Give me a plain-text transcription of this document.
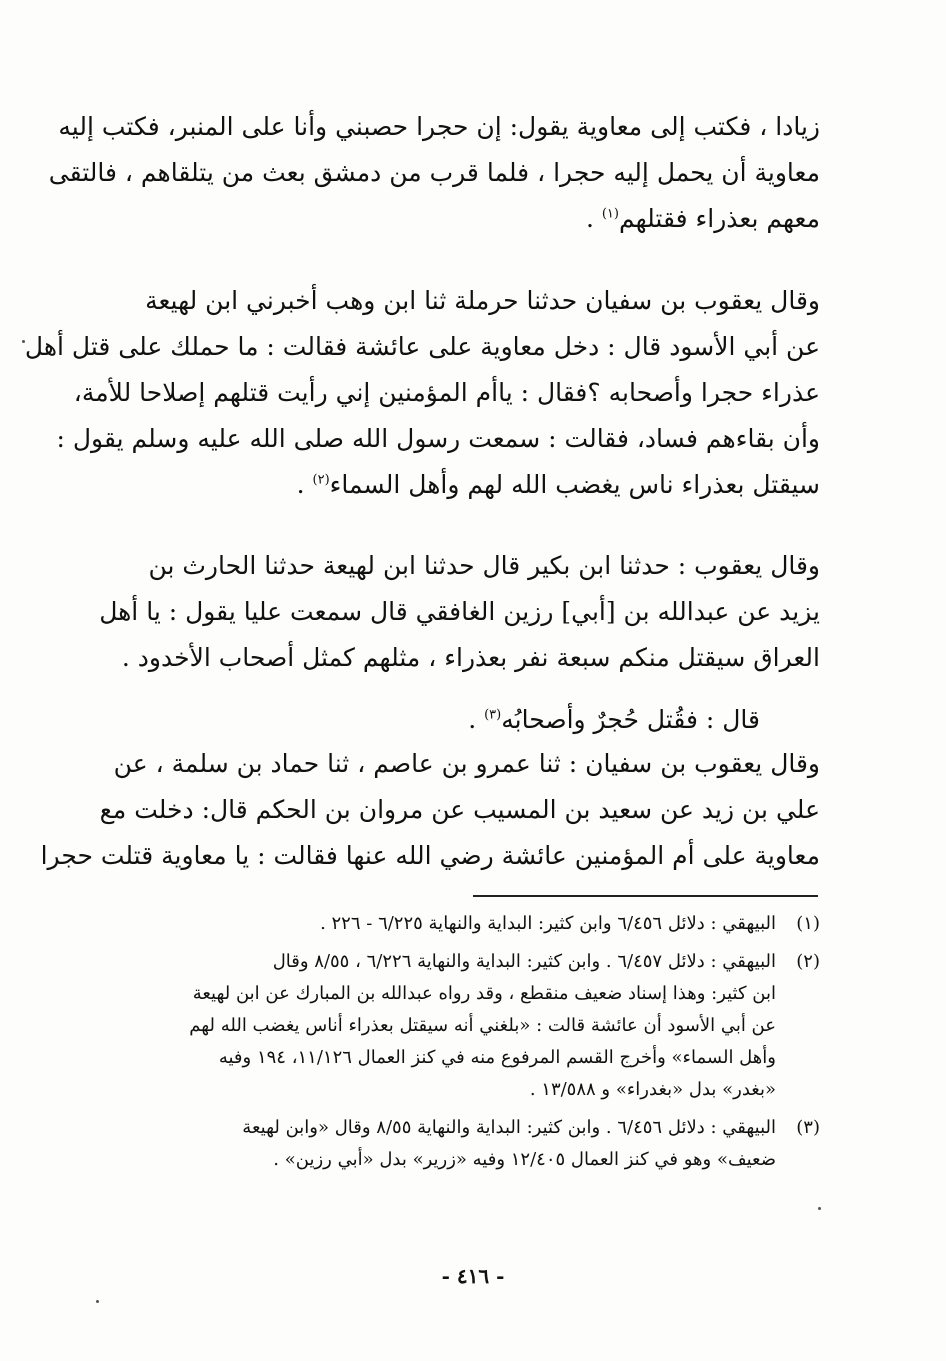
زيادا ، فكتب إلى معاوية يقول: إن حجرا حصبني وأنا على المنبر، فكتب إليه
معاوية أن يحمل إليه حجرا ، فلما قرب من دمشق بعث من يتلقاهم ، فالتقى
معهم بعذراء فقتلهم$^{(١)}$ .
وقال يعقوب بن سفيان حدثنا حرملة ثنا ابن وهب أخبرني ابن لهيعة
عن أبي الأسود قال : دخل معاوية على عائشة فقالت : ما حملك على قتل أهل
عذراء حجرا وأصحابه ؟فقال : ياأم المؤمنين إني رأيت قتلهم إصلاحا للأمة،
وأن بقاءهم فساد، فقالت : سمعت رسول الله صلى الله عليه وسلم يقول :
سيقتل بعذراء ناس يغضب الله لهم وأهل السماء$^{(٢)}$ .
وقال يعقوب : حدثنا ابن بكير قال حدثنا ابن لهيعة حدثنا الحارث بن
يزيد عن عبدالله بن [أبي] رزين الغافقي قال سمعت عليا يقول : يا أهل
العراق سيقتل منكم سبعة نفر بعذراء ، مثلهم كمثل أصحاب الأخدود .
قال : فقُتل حُجرٌ وأصحابُه$^{(٣)}$ .
وقال يعقوب بن سفيان : ثنا عمرو بن عاصم ، ثنا حماد بن سلمة ، عن
علي بن زيد عن سعيد بن المسيب عن مروان بن الحكم قال: دخلت مع
معاوية على أم المؤمنين عائشة رضي الله عنها فقالت : يا معاوية قتلت حجرا
(١)
البيهقي : دلائل ٦/٤٥٦ وابن كثير: البداية والنهاية ٦/٢٢٥ - ٢٢٦ .
(٢)
البيهقي : دلائل ٦/٤٥٧ . وابن كثير: البداية والنهاية ٦/٢٢٦ ، ٨/٥٥ وقال
ابن كثير: وهذا إسناد ضعيف منقطع ، وقد رواه عبدالله بن المبارك عن ابن لهيعة
عن أبي الأسود أن عائشة قالت : «بلغني أنه سيقتل بعذراء أناس يغضب الله لهم
وأهل السماء» وأخرج القسم المرفوع منه في كنز العمال ١١/١٢٦، ١٩٤ وفيه
«بغدر» بدل «بغدراء» و ١٣/٥٨٨ .
(٣)
البيهقي : دلائل ٦/٤٥٦ . وابن كثير: البداية والنهاية ٨/٥٥ وقال «وابن لهيعة
ضعيف» وهو في كنز العمال ١٢/٤٠٥ وفيه «زرير» بدل «أبي رزين» .
- ٤١٦ -
